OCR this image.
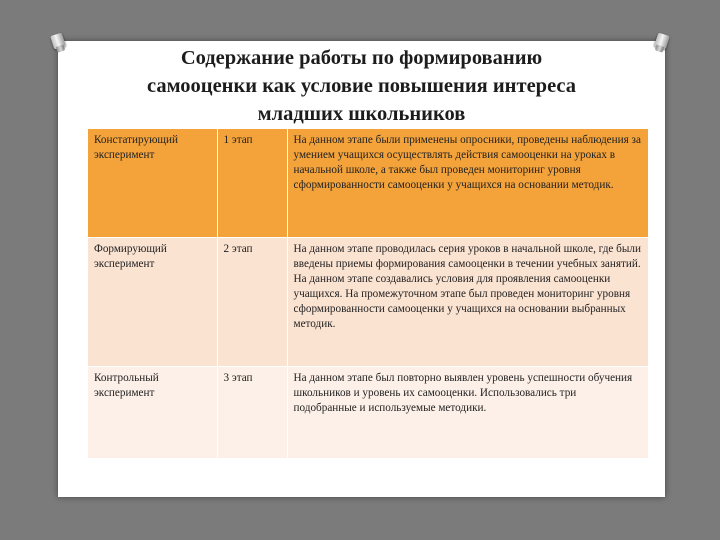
Содержание работы по формированию
самооценки как условие повышения интереса
младших школьников
Констатирующий эксперимент	1 этап	На данном этапе были применены опросники, проведены наблюдения за умением учащихся осуществлять действия самооценки на уроках в начальной школе, а также был проведен мониторинг уровня сформированности самооценки у учащихся на основании методик.
Формирующий эксперимент	2 этап	На данном этапе проводилась серия уроков в начальной школе, где были введены приемы формирования самооценки в течении учебных занятий. На данном этапе создавались условия для проявления самооценки учащихся. На промежуточном этапе был проведен мониторинг уровня сформированности самооценки у учащихся на основании выбранных методик.
Контрольный эксперимент	3 этап	На данном этапе был повторно выявлен уровень успешности обучения школьников и уровень их самооценки. Использовались три подобранные и используемые методики.
